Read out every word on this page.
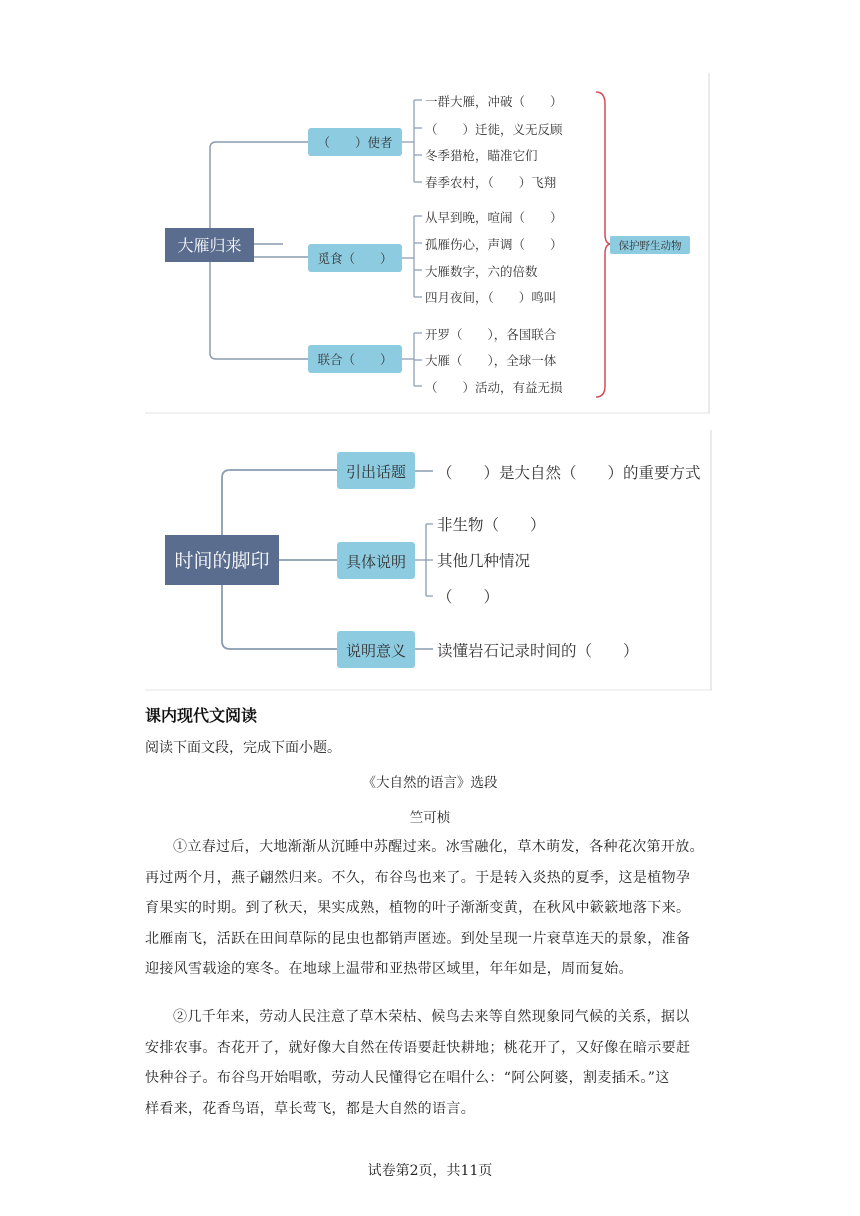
大雁归来
（　　）使者
一群大雁，冲破（　　）
（　　）迁徙，义无反顾
冬季猎枪，瞄准它们
春季农村，（　　）飞翔
觅食（　　）
从早到晚，喧闹（　　）
孤雁伤心，声调（　　）
大雁数字，六的倍数
四月夜间，（　　）鸣叫
联合（　　）
开罗（　　），各国联合
大雁（　　），全球一体
（　　）活动，有益无损
保护野生动物
时间的脚印
引出话题 （　　）是大自然（　　）的重要方式
具体说明
非生物（　　）
其他几种情况
（　　）
说明意义 读懂岩石记录时间的（　　）
课内现代文阅读
阅读下面文段，完成下面小题。
《大自然的语言》选段
竺可桢
①立春过后，大地渐渐从沉睡中苏醒过来。冰雪融化，草木萌发，各种花次第开放。
再过两个月，燕子翩然归来。不久，布谷鸟也来了。于是转入炎热的夏季，这是植物孕
育果实的时期。到了秋天，果实成熟，植物的叶子渐渐变黄，在秋风中簌簌地落下来。
北雁南飞，活跃在田间草际的昆虫也都销声匿迹。到处呈现一片衰草连天的景象，准备
迎接风雪载途的寒冬。在地球上温带和亚热带区域里，年年如是，周而复始。
②几千年来，劳动人民注意了草木荣枯、候鸟去来等自然现象同气候的关系，据以
安排农事。杏花开了，就好像大自然在传语要赶快耕地；桃花开了，又好像在暗示要赶
快种谷子。布谷鸟开始唱歌，劳动人民懂得它在唱什么：“阿公阿婆，割麦插禾。”这
样看来，花香鸟语，草长莺飞，都是大自然的语言。
试卷第2页，共11页
